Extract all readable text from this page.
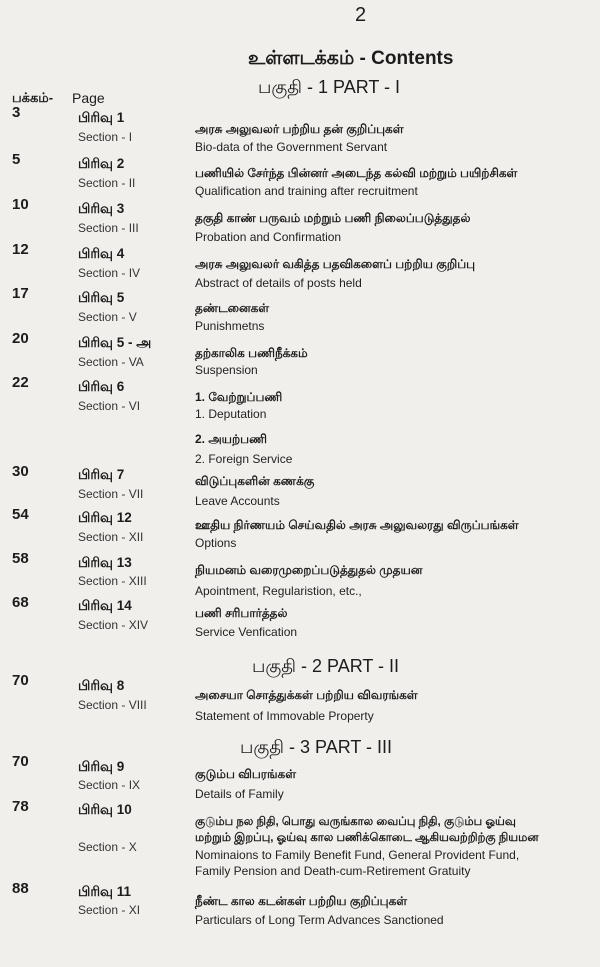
2
உள்ளடக்கம் - Contents
பகுதி - 1 PART - I
பக்கம்- Page
3	பிரிவு 1
Section - I
அரசு அலுவலர் பற்றிய தன் குறிப்புகள்
Bio-data of the Government Servant
5	பிரிவு 2
Section - II
பணியில் சேர்ந்த பின்னர் அடைந்த கல்வி மற்றும் பயிற்சிகள்
Qualification and training after recruitment
10	பிரிவு 3
Section - III
தகுதி காண் பருவம் மற்றும் பணி நிலைப்படுத்துதல்
Probation and Confirmation
12	பிரிவு 4
Section - IV
அரசு அலுவலர் வகித்த பதவிகளைப் பற்றிய குறிப்பு
Abstract of details of posts held
17	பிரிவு 5
Section - V
தண்டனைகள்
Punishmetns
20	பிரிவு 5 - அ
Section - VA
தற்காலிக பணிநீக்கம்
Suspension
22	பிரிவு 6
Section - VI
1. வேற்றுப்பணி
1. Deputation
2. அயற்பணி
2. Foreign Service
30	பிரிவு 7
Section - VII
விடுப்புகளின் கணக்கு
Leave Accounts
54	பிரிவு 12
Section - XII
ஊதிய நிர்ணயம் செய்வதில் அரசு அலுவலரது விருப்பங்கள்
Options
58	பிரிவு 13
Section - XIII
நியமனம் வரைமுறைப்படுத்துதல் முதயன
Apointment, Regularistion, etc.,
68	பிரிவு 14
Section - XIV
பணி சரிபார்த்தல்
Service Venfication
பகுதி - 2 PART - II
70	பிரிவு 8
Section - VIII
அசையா சொத்துக்கள் பற்றிய விவரங்கள்
Statement of Immovable Property
பகுதி - 3 PART - III
70	பிரிவு 9
Section - IX
குடும்ப விபரங்கள்
Details of Family
78	பிரிவு 10
Section - X
குடும்ப நல நிதி, பொது வருங்கால வைப்பு நிதி, குடும்ப ஓய்வு
மற்றும் இறப்பு, ஓய்வு கால பணிக்கொடை ஆகியவற்றிற்கு நியமன
Nominaions to Family Benefit Fund, General Provident Fund,
Family Pension and Death-cum-Retirement Gratuity
88	பிரிவு 11
Section - XI
நீண்ட கால கடன்கள் பற்றிய குறிப்புகள்
Particulars of Long Term Advances Sanctioned
